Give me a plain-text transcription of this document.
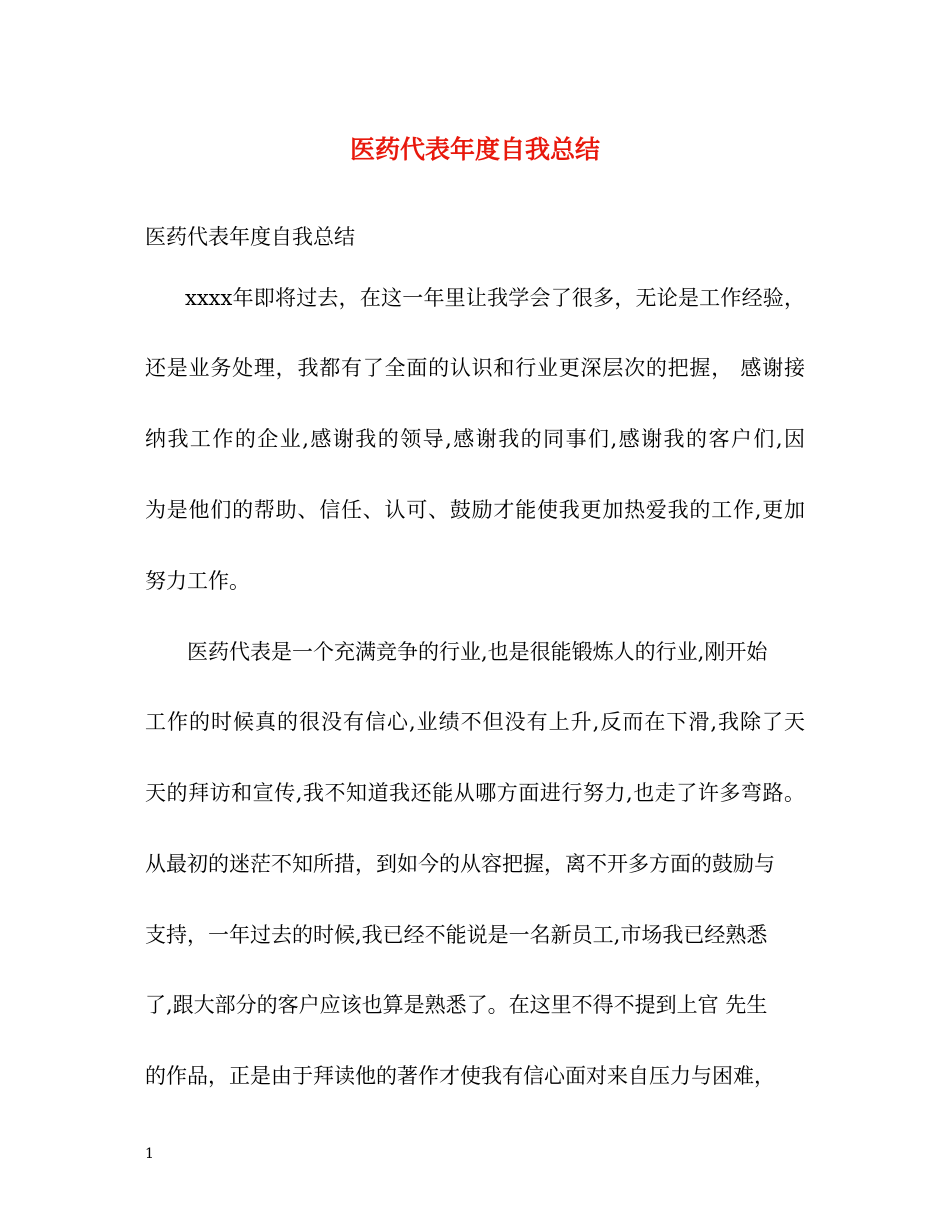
医药代表年度自我总结
医药代表年度自我总结
xxxx年即将过去，在这一年里让我学会了很多，无论是工作经验，
还是业务处理，我都有了全面的认识和行业更深层次的把握， 感谢接
纳我工作的企业,感谢我的领导,感谢我的同事们,感谢我的客户们,因
为是他们的帮助、信任、认可、鼓励才能使我更加热爱我的工作,更加
努力工作。
医药代表是一个充满竞争的行业,也是很能锻炼人的行业,刚开始
工作的时候真的很没有信心,业绩不但没有上升,反而在下滑,我除了天
天的拜访和宣传,我不知道我还能从哪方面进行努力,也走了许多弯路。
从最初的迷茫不知所措，到如今的从容把握，离不开多方面的鼓励与
支持，一年过去的时候,我已经不能说是一名新员工,市场我已经熟悉
了,跟大部分的客户应该也算是熟悉了。在这里不得不提到上官 先生
的作品，正是由于拜读他的著作才使我有信心面对来自压力与困难，
1
